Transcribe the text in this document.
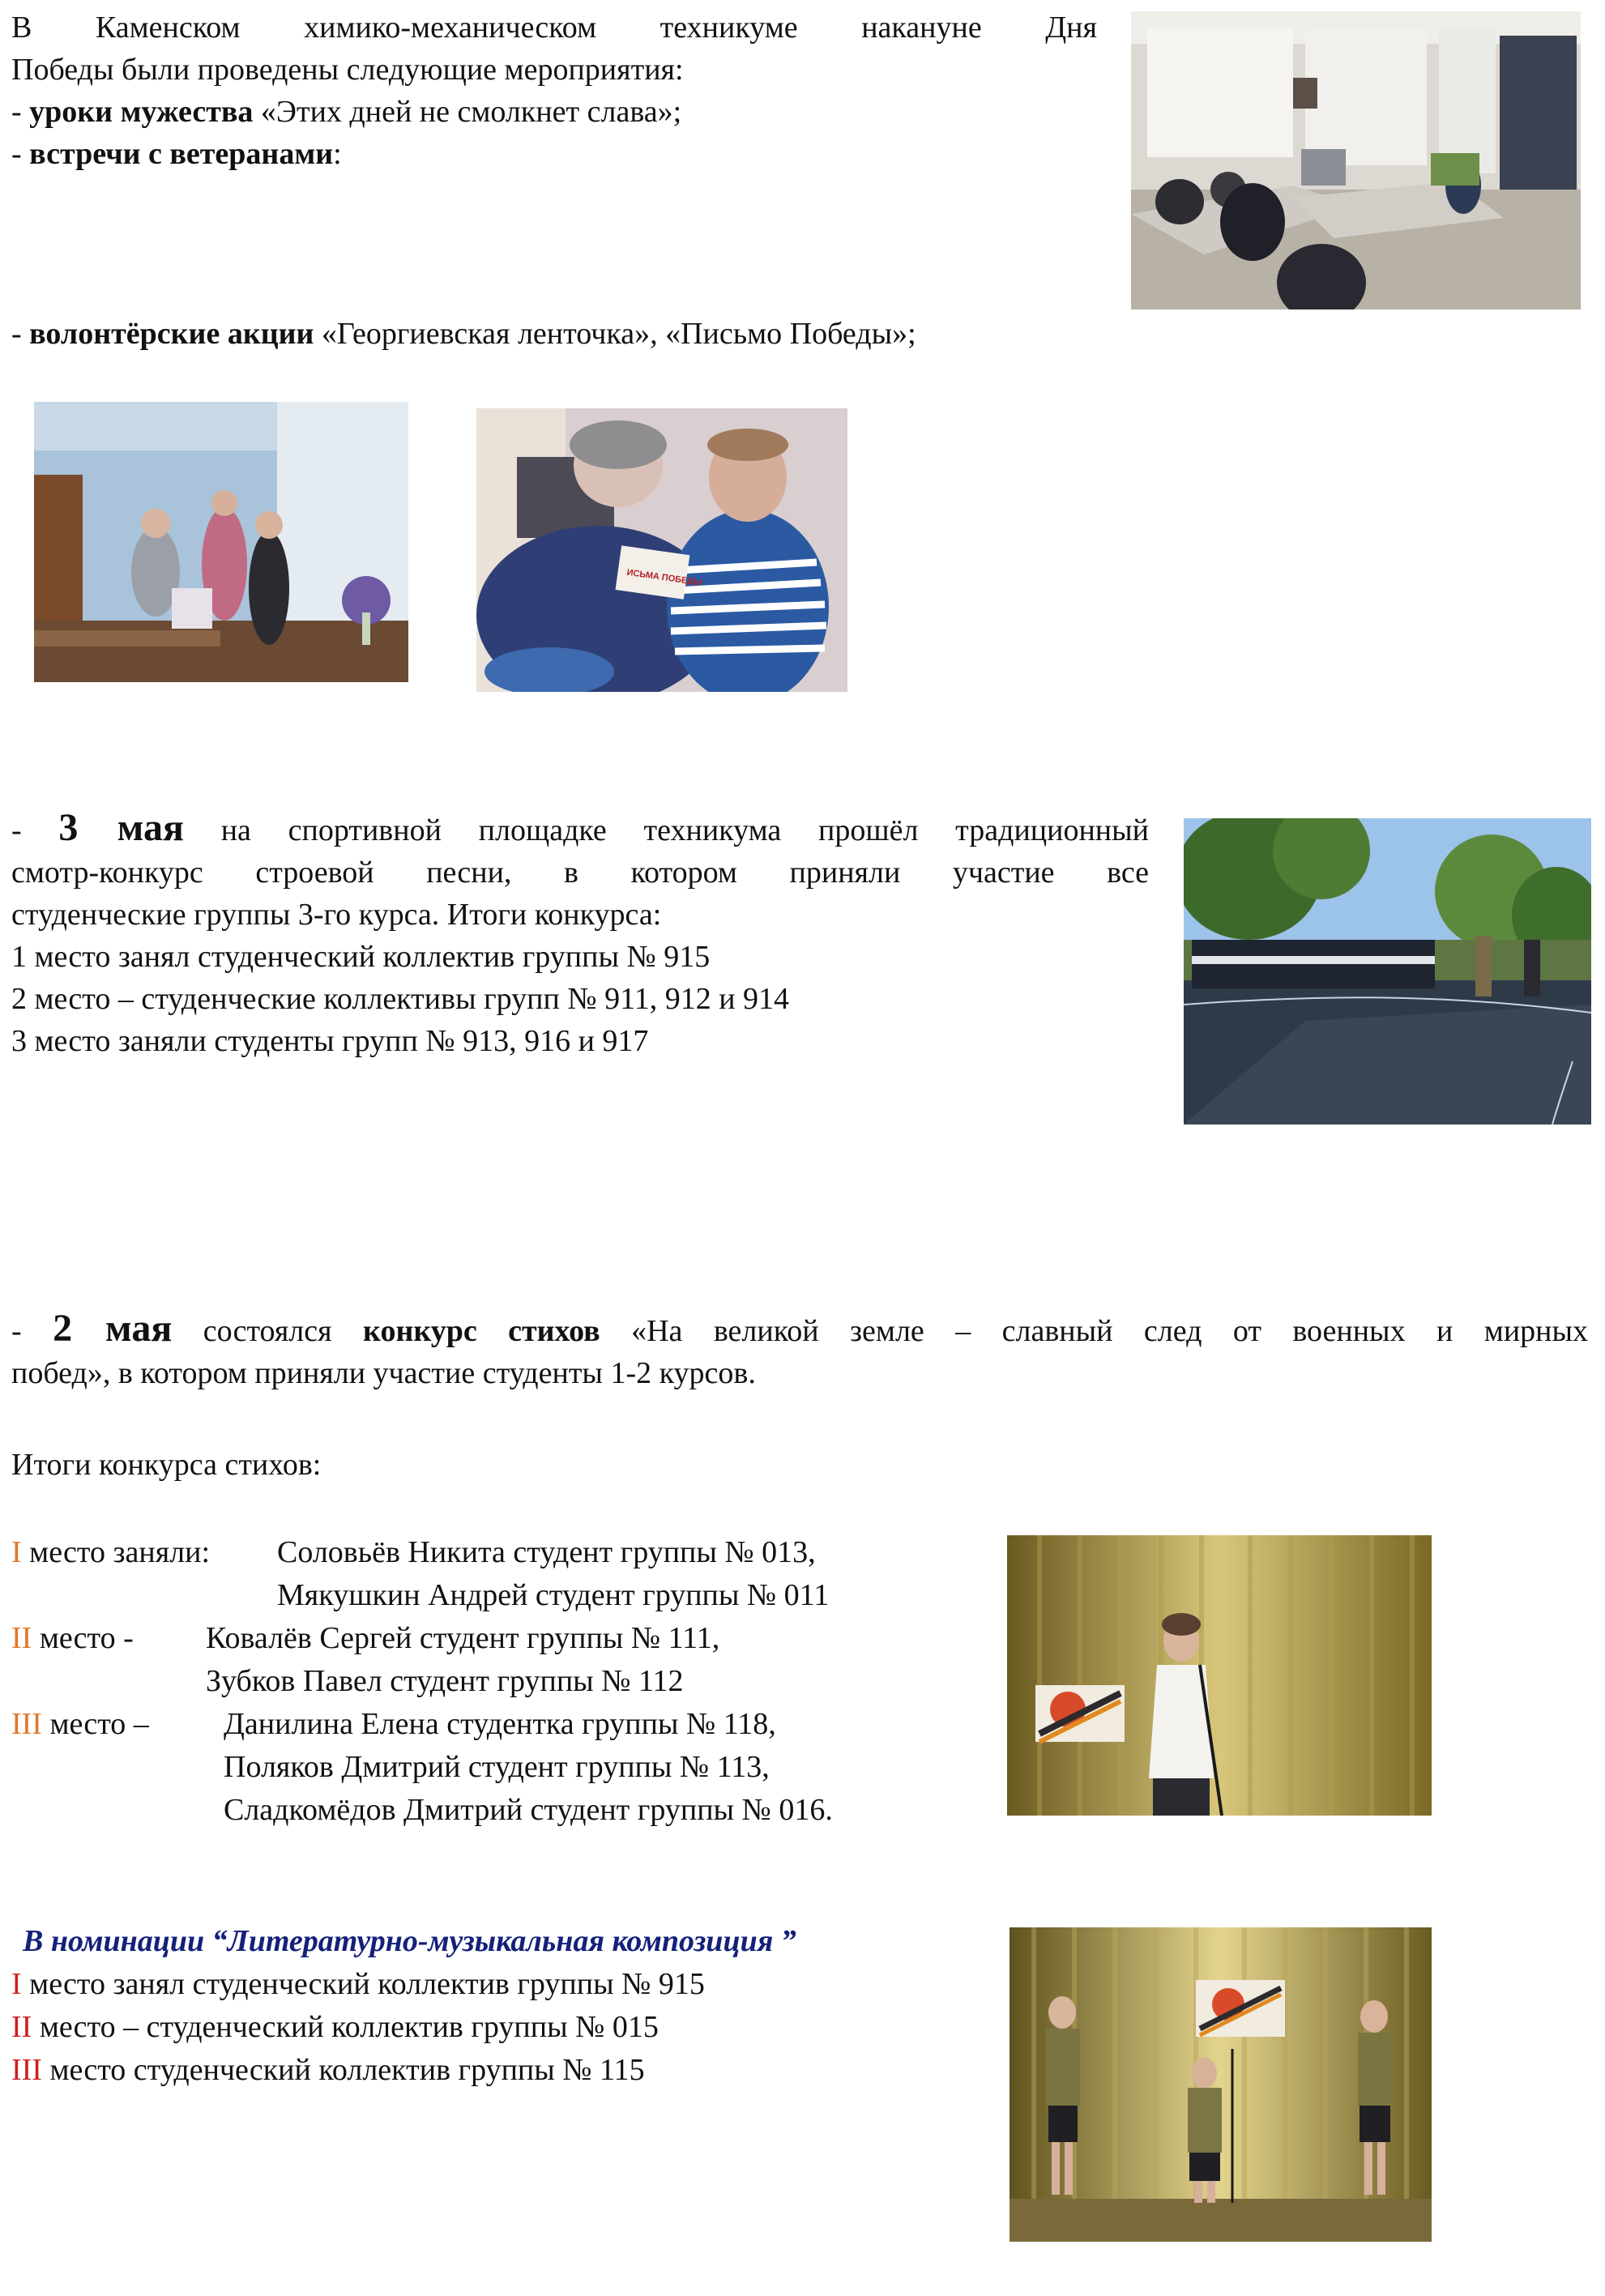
В Каменском химико-механическом техникуме накануне Дня
Победы были проведены следующие мероприятия:
- уроки мужества «Этих дней не смолкнет слава»;
- встречи с ветеранами:
- волонтёрские акции «Георгиевская ленточка», «Письмо Победы»;
ИСЬМА ПОБЕДЫ
- 3 мая на спортивной площадке техникума прошёл традиционный
смотр-конкурс строевой песни, в котором приняли участие все
студенческие группы 3-го курса. Итоги конкурса:
1 место занял студенческий коллектив группы № 915
2 место – студенческие коллективы групп № 911, 912 и 914
3 место заняли студенты групп № 913, 916 и 917
- 2 мая состоялся конкурс стихов «На великой земле – славный след от военных и мирных
побед», в котором приняли участие студенты 1-2 курсов.
Итоги конкурса стихов:
I место заняли: Соловьёв Никита студент группы № 013,
Мякушкин Андрей студент группы № 011
II место - Ковалёв Сергей студент группы № 111,
Зубков Павел студент группы № 112
III место – Данилина Елена студентка группы № 118,
Поляков Дмитрий студент группы № 113,
Сладкомёдов Дмитрий студент группы № 016.
В номинации “Литературно-музыкальная композиция ”
I место занял студенческий коллектив группы № 915
II место – студенческий коллектив группы № 015
III место студенческий коллектив группы № 115
